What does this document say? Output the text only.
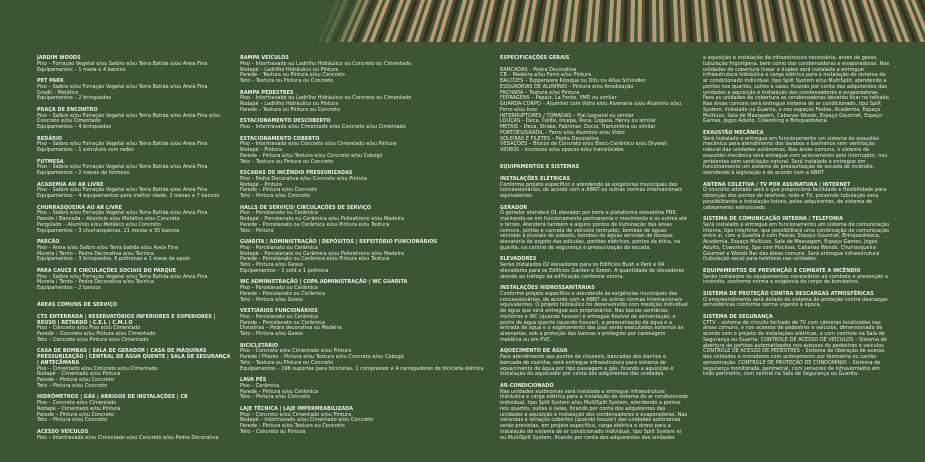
JARDIM WOODS
Piso – Forração Vegetal e/ou Saibro e/ou Terra Batida e/ou Areia Fina
Equipamentos – 1 mesa e 4 bancos
PET PARK
Piso – Saibro e/ou Forração Vegetal e/ou Terra Batida e/ou Areia Fina
Gradil – Metálico
Equipamentos – 2 brinquedos
PRAÇA DE ENCONTRO
Piso – Saibro e/ou Forração Vegetal e/ou Terra Batida e/ou Areia Fina e/ou
Concreto e/ou Cimentado
Equipamentos – 4 brinquedos
REDÁRIO
Piso – Saibro e/ou Forração Vegetal e/ou Terra Batida e/ou Areia Fina
Equipamentos – 1 estrutura com redes
FUTMESA
Piso – Saibro e/ou Forração Vegetal e/ou Terra Batida e/ou Areia Fina
Equipamentos – 2 mesas de futmesa
ACADEMIA AO AR LIVRE
Piso – Saibro e/ou Forração Vegetal e/ou Terra Batida e/ou Areia Fina
Equipamentos – 4 equipamentos para melhor idade, 2 mesas e 7 bancos
CHURRASQUEIRA AO AR LIVRE
Piso – Saibro e/ou Forração Vegetal e/ou Terra Batida e/ou Areia Fina
Parede / Bancada – Alumínio e/ou Metálico e/ou Concreto
Pergolado – Alumínio e/ou Metálico e/ou Concreto
Equipamentos – 3 churrasqueiras, 11 mesas e 35 bancos
PARCÃO
Piso – Areia e/ou Saibro e/ou Terra batida e/ou Areia Fina
Mureta / Tento – Pedra Decorativa e/ou Tecnica
Equipamentos – 3 brinquedos, 6 poltronas e 1 mesa de apoio
PARA CAUCE E CIRCULAÇÕES SOCIAIS DO PARQUE
Piso – Saibro e/ou Forração Vegetal e/ou Terra Batida e/ou Areia Fina
Mureta / Tento – Pedra Decorativa e/ou Técnica
Equipamentos – 2 bancos
ÁREAS COMUNS DE SERVIÇO
CTS ENTERRADA | RESERVATÓRIOS INFERIORES E SUPERIORES | REUSO | RETARDO | C.E.L | C.M.I.O
Piso – Concreto e/ou Piso e/ou Cimentado
Parede – Concreto e/ou Pintura e/ou Cimentado
Teto – Concreto e/ou Pintura e/ou Cimentado
CASA DE BOMBAS | SALA DE GERADOR | CASA DE MÁQUINAS PRESSURIZAÇÃO | CENTRAL DE ÁGUA QUENTE | SALA DE SEGURANÇA | ANTECÂMARA
Piso – Cimentado e/ou Concreto e/ou Cimentado
Rodapé – Cimentado e/ou Pintura
Parede – Pintura e/ou Concreto
Teto – Pintura e/ou Concreto
HIDRÔMETROS | GÁS | ABRIGOS DE INSTALAÇÕES | CB
Piso – Concreto e/ou Cimentado
Rodapé – Cimentado e/ou Pintura
Parede – Pintura e/ou Concreto
Teto – Pintura e/ou Concreto
ACESSO VEÍCULOS
Piso – Intertravado e/ou Cimentado e/ou Concreto e/ou Pedra Decorativa
RAMPA VEÍCULOS
Piso – Intertravado ou Ladrilho Hidráulico ou Concreto ou Cimentado
Rodapé – Ladrilho Hidráulico ou Pintura
Parede – Textura ou Pintura e/ou Concreto
Teto – Textura ou Pintura ou Concreto
RAMPA PEDESTRES
Piso – Intertravado ou Ladrilho Hidráulico ou Concreto ou Cimentado
Rodapé – Ladrilho Hidráulico ou Pintura
Parede – Textura ou Pintura ou Concreto
ESTACIONAMENTO DESCOBERTO
Piso – Intertravado e/ou Cimentado e/ou Concreto e/ou Cimentado
ESTACIONAMENTO COBERTO
Piso – Intertravado e/ou Concreto e/ou Cimentado e/ou Pintura
Rodapé – Pintura
Parede – Pintura e/ou Textura e/ou Concreto e/ou Cobogó
Teto – Textura ou Pintura ou Concreto
ESCADAS DE INCÊNDIO PRESSURIZADAS
Piso – Pedra Decorativa e/ou Concreto e/ou Pintura
Rodapé – Pintura
Parede – Pintura e/ou Concreto
Teto – Pintura e/ou Concreto
HALLS DE SERVIÇO/ CIRCULAÇÕES DE SERVIÇO
Piso – Porcelanato ou Cerâmica
Rodapé – Porcelanato ou Cerâmica e/ou Poliestireno e/ou Madeira
Parede – Porcelanato ou Cerâmica e/ou Pintura e/ou Textura
Teto – Pintura
GUARITA | ADMINISTRAÇÃO | DEPÓSITOS | REFEITÓRIO FUNCIONÁRIOS
Piso – Porcelanato ou Cerâmica
Rodapé – Porcelanato ou Cerâmica e/ou Poliestireno e/ou Madeira
Parede – Porcelanato ou Cerâmica e/ou Pintura e/ou Textura
Teto – Pintura e/ou Gesso
Equipamentos – 1 sofá e 1 poltrona
WC ADMINISTRAÇÃO | COPA ADMINISTRAÇÃO | WC GUARITA
Piso – Porcelanato ou Cerâmica
Parede – Porcelanato ou Cerâmica
Teto – Pintura e/ou Gesso
VESTIÁRIOS FUNCIONÁRIOS
Piso – Porcelanato ou Cerâmica
Parede – Porcelanato ou Cerâmica
Divisórias – Pedra decorativa ou Madeira
Teto – Pintura e/ou Gesso
BICICLETÁRIO
Piso – Concreto e/ou Cimentado e/ou Pintura
Parede / Pilares – Pintura e/ou Textura e/ou Concreto e/ou Cobogó
Teto – Textura ou Pintura ou Concreto
Equipamentos – 196 suportes para bicicletas, 1 compressor e 4 carregadores de bicicleta elétrica
LAVA PÉS
Piso – Cerâmica
Parede – Pintura e/ou Cerâmica
Teto – Pintura e/ou Concreto
LAJE TÉCNICA | LAJE IMPERMEABILIZADA
Piso – Concreto e/ou Cimentado e/ou Pintura
Rodapé – Intertravado e/ou Cimentado e/ou Concreto
Parede – Pintura e/ou Textura ou Concreto
Teto – Concreto ou Pintura
ESPECIFICAÇÕES GERAIS
BANCADAS – Pedra Decorativa
CB – Madeira e/ou Ferro e/ou Pintura
BALCÕES – Tupperware Kiosque ou Ditu ou Atlas Schindler
ESQUADRIAS DE ALUMÍNIO – Pintura e/ou Anodização
FACHADA – Textura e/ou Pintura
FERRAGENS – Papaiz, La Fonte, YMD ou similar
GUARDA-CORPO – Alumínio com Vidro e/ou Alvenaria e/ou Alumínio e/ou Ferro e/ou Inox
INTERRUPTORES / TOMADAS – Pial Legrand ou similar
LOUÇAS – Deca, Celite, Incepa, Roca, Logasa, Hervy ou similar
METAIS – Deca, Strake, Fabrimar, Docol, Tramontina ou similar
PORTÕES/GRADIL – Ferro e/ou Alumínio e/ou Vidro
SOLEIRAS E FILETES – Pedra Decorativa
VEDAÇÕES – Blocos de Concreto e/ou Bloco Cerâmico e/ou Drywall
VIDROS – Incolores e/ou opacos e/ou translúcidos
EQUIPAMENTOS E SISTEMAS
INSTALAÇÕES ELÉTRICAS
Conforme projeto específico e atendendo às exigências municipais das concessionárias, de acordo com a ABNT ou outras normas internacionais equivalentes.
GERADOR
O gerador atenderá 01 elevador por torre e plataforma elevatória PNE, mantendo-se em funcionamento permanente o movimento e os outros até o térreo. Atenderá também a alguns pontos de iluminação das áreas comuns, portão e cancela de veículos (entrada), bombas de águas servidas e pluviais do subsolo, bombas de águas servidas de bosque, elevatória de esgoto das edículas, portões elétricos, pontos da ética, na guarita, na central de segurança e pressurização da escada.
ELEVADORES
Serão instalados 02 elevadores para os Edifícios Bush e Park e 04 elevadores para os Edifícios Garden e Green. A quantidade de elevadores atende ao tráfego da edificação conforme norma.
INSTALAÇÕES HIDROSSANITÁRIAS
Conforme projeto específico e atendendo às exigências municipais das concessionárias, de acordo com a ABNT ou outras normas internacionais equivalentes. O projeto hidráulico foi desenvolvido com medição individual de água que será entregue aos proprietários. Nas bacias sanitárias, mictórios e WC (quando houver) é entregue flexível de alimentação, e ponto de água quente (quando houver), a pressurização de água e a entrada de água e o esgotamento das pias serão executados externos às alvenarias, sob a proteção das bancas e protegido por carenagem metálica ou em PVC.
AQUECIMENTO DE ÁGUA
Para atendimento aos pontos de chuveiro, bancadas dos banhos e bancada de cozinha, será entregue infraestrutura para sistema de aquecimento de água por tipo passagem a gás, ficando a aquisição e instalação do aquecedor por conta dos adquirentes das unidades.
AR-CONDICIONADO
Nas unidades autônomas será instalado e entregue infraestrutura hidráulica e carga elétrica para a instalação de sistema de ar condicionado individual, tipo Split System e/ou MultiSplit System, atendendo a pontos nos quartos, suítes e salas, ficando por conta dos adquirentes das unidades a aquisição e instalação dos condensadores e evaporadoras. Nas varandas e terraços cobertos (quando houver) das unidades autônomas serão previstas, em projeto específico, carga elétrica e dreno para a instalação de sistema de ar condicionado individual, tipo Split System e/ ou MultiSplit System, ficando por conta dos adquirentes das unidades
a aquisição e instalação da infraestrutura necessária, antes de gesso, tubulação frigorígena, bem como das condensadoras e evaporadoras. Nas unidades de cobertura linear e duplex será instalada e entregue infraestrutura hidráulica e carga elétrica para a instalação de sistema de ar condicionado individual, tipo Split System e/ou MultiSplit, atendendo a pontos nos quartos, suítes e salas, ficando por conta dos adquirentes das unidades a aquisição e instalação dos condensadores e evaporadoras. Para as unidades de cobertura as condensadoras deverão ficar no telhado. Nas áreas comuns será entregue sistema de ar condicionado, tipo Split System, instalado na Guarita, e nos espaços Festas, Academia, Espaço Multiuso, Sala de Massagem, Cabanas Woods, Espaço Gourmet, Espaço Games, Jogos Adulto, Coworking e Brinquedoteca.
EXAUSTÃO MECÂNICA
Será instalado e entregue em funcionamento um sistema de exaustão mecânica para atendimento dos lavabos e banheiros sem ventilação natural das unidades autônomas. Nas áreas comuns, o sistema de exaustão mecânica será entregue com acionamento pelo interruptor, nos ambientes sem ventilação natural. Será instalado e entregue em funcionamento um sistema de pressurização de escada de incêndio, atendendo à legislação e de acordo com a ABNT.
ANTENA COLETIVA / TV POR ASSINATURA / INTERNET
O conceito adotado será o que proporciona facilidade e flexibilidade para obtenção dos pontos de telefone, rede e TV, prevendo tubulação seca possibilitando a instalação futura, pelos adquirentes, de sistema de cabeamento estruturado.
SISTEMA DE COMUNICAÇÃO INTERNA / TELEFONIA
Será instalado e entregue em funcionamento um sistema de comunicação interna, tipo interfone, que possibilitará uma combinação de comunicação entre si, com a Guarita e com Festas, Espaço Gourmet, Brinquedoteca, Academia, Espaço Multiuso, Sala de Massagem, Espaço Games, Jogos Adulto, Coworking, Spa com Piscinas, Cabanas Woods, Churrasqueira Gourmet e Woods Bar das áreas comuns. Será entregue infraestrutura (tubulação seca) para telefonia nas unidades.
EQUIPAMENTOS DE PREVENÇÃO E COMBATE A INCÊNDIO
Serão instalados os equipamentos necessários ao combate e prevenção a incêndio, conforme norma e exigência do corpo de bombeiros.
SISTEMA DE PROTEÇÃO CONTRA DESCARGAS ATMOSFÉRICAS
O empreendimento será dotado de sistema de proteção contra descargas atmosféricas conforme norma vigente à época.
SISTEMA DE SEGURANÇA
CFTV – sistema de circuito fechado de TV com câmeras localizadas nas áreas comuns, e nos acessos de pedestres e veículos, dimensionado de acordo com o projeto de instalações elétricas, e com controle na Sala de Segurança ou Guarita. CONTROLE DE ACESSO DE VEÍCULOS – Sistema de abertura de portões automatizados nos acessos de pedestres e veículos. CONTROLE DE ACESSO DE PEDESTRES – Sistema de liberação de acesso das unidades e moradores com acionamento por biometria ou cartão aproximação. CONTROLE DE PROTEÇÃO DE CONDOMÍNIO – Sistema de segurança monitorada, perimetral, com sensores de infravermelho em todo perímetro, com central na Sala de Segurança ou Guarita.
